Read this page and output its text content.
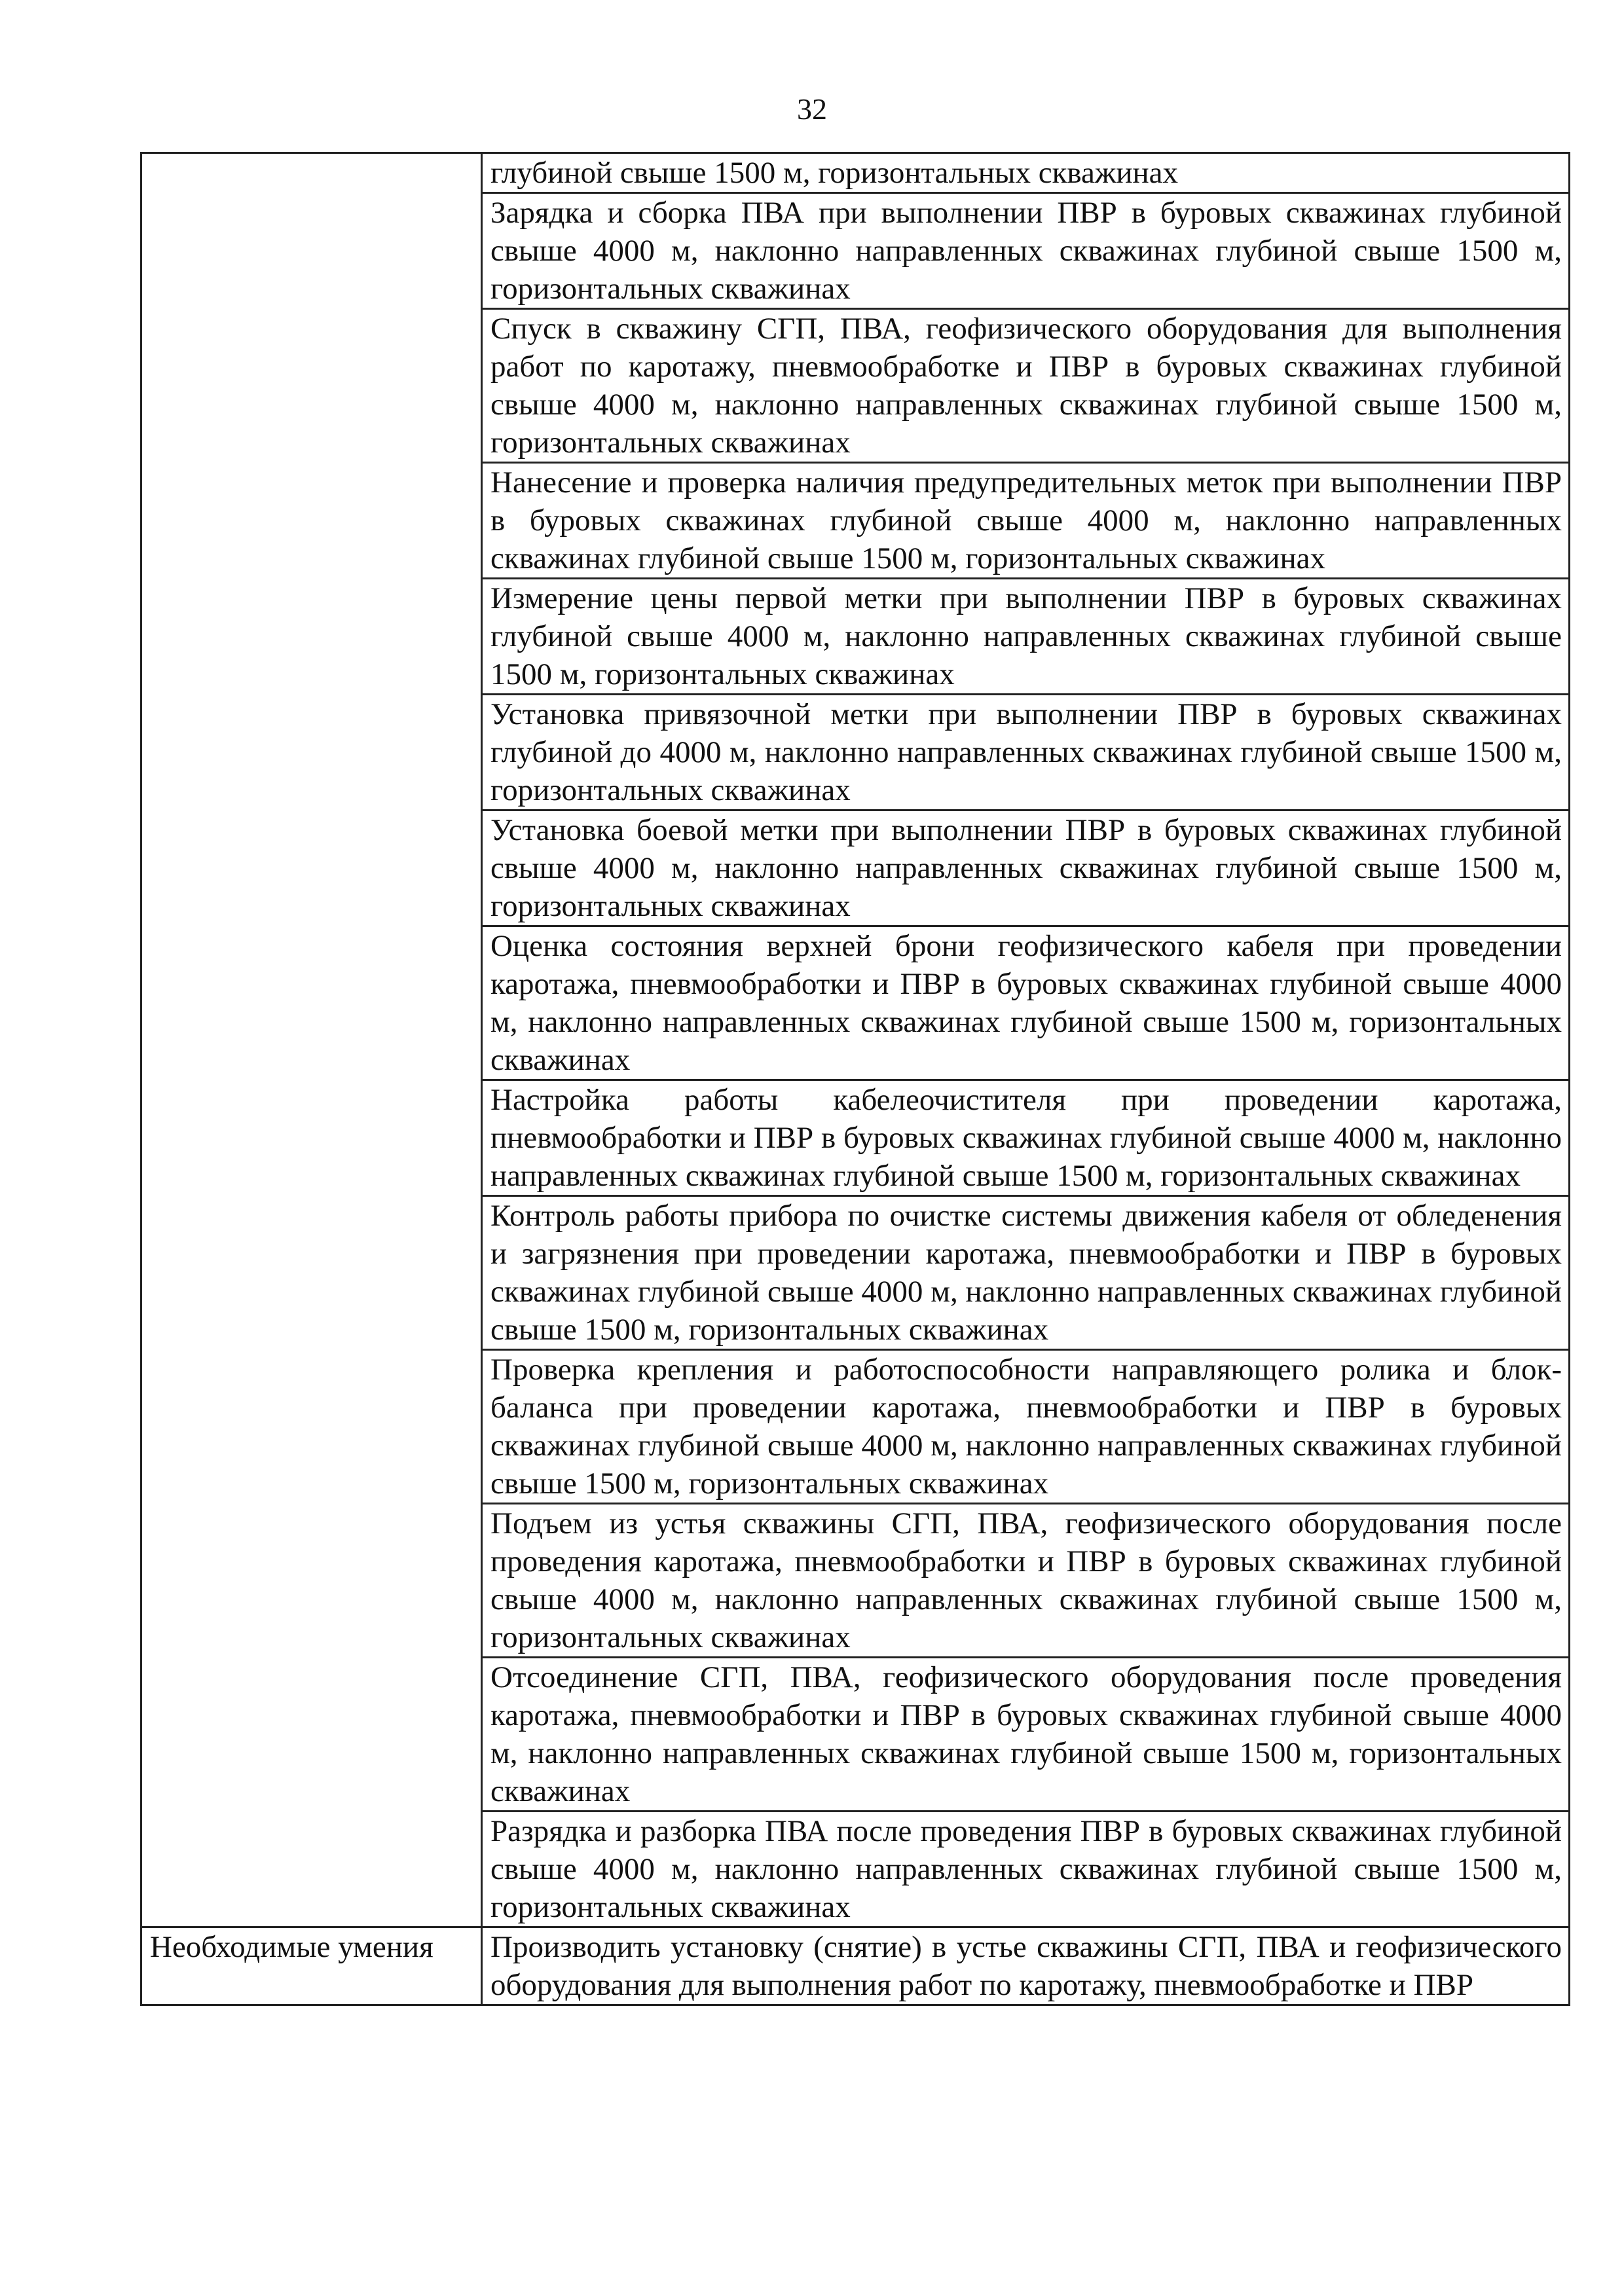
32
	глубиной свыше 1500 м, горизонтальных скважинах
	Зарядка и сборка ПВА при выполнении ПВР в буровых скважинах глубиной свыше 4000 м, наклонно направленных скважинах глубиной свыше 1500 м, горизонтальных скважинах
	Спуск в скважину СГП, ПВА, геофизического оборудования для выполнения работ по каротажу, пневмообработке и ПВР в буровых скважинах глубиной свыше 4000 м, наклонно направленных скважинах глубиной свыше 1500 м, горизонтальных скважинах
	Нанесение и проверка наличия предупредительных меток при выполнении ПВР в буровых скважинах глубиной свыше 4000 м, наклонно направленных скважинах глубиной свыше 1500 м, горизонтальных скважинах
	Измерение цены первой метки при выполнении ПВР в буровых скважинах глубиной свыше 4000 м, наклонно направленных скважинах глубиной свыше 1500 м, горизонтальных скважинах
	Установка привязочной метки при выполнении ПВР в буровых скважинах глубиной до 4000 м, наклонно направленных скважинах глубиной свыше 1500 м, горизонтальных скважинах
	Установка боевой метки при выполнении ПВР в буровых скважинах глубиной свыше 4000 м, наклонно направленных скважинах глубиной свыше 1500 м, горизонтальных скважинах
	Оценка состояния верхней брони геофизического кабеля при проведении каротажа, пневмообработки и ПВР в буровых скважинах глубиной свыше 4000 м, наклонно направленных скважинах глубиной свыше 1500 м, горизонтальных скважинах
	Настройка работы кабелеочистителя при проведении каротажа, пневмообработки и ПВР в буровых скважинах глубиной свыше 4000 м, наклонно направленных скважинах глубиной свыше 1500 м, горизонтальных скважинах
	Контроль работы прибора по очистке системы движения кабеля от обледенения и загрязнения при проведении каротажа, пневмообработки и ПВР в буровых скважинах глубиной свыше 4000 м, наклонно направленных скважинах глубиной свыше 1500 м, горизонтальных скважинах
	Проверка крепления и работоспособности направляющего ролика и блок-баланса при проведении каротажа, пневмообработки и ПВР в буровых скважинах глубиной свыше 4000 м, наклонно направленных скважинах глубиной свыше 1500 м, горизонтальных скважинах
	Подъем из устья скважины СГП, ПВА, геофизического оборудования после проведения каротажа, пневмообработки и ПВР в буровых скважинах глубиной свыше 4000 м, наклонно направленных скважинах глубиной свыше 1500 м, горизонтальных скважинах
	Отсоединение СГП, ПВА, геофизического оборудования после проведения каротажа, пневмообработки и ПВР в буровых скважинах глубиной свыше 4000 м, наклонно направленных скважинах глубиной свыше 1500 м, горизонтальных скважинах
	Разрядка и разборка ПВА после проведения ПВР в буровых скважинах глубиной свыше 4000 м, наклонно направленных скважинах глубиной свыше 1500 м, горизонтальных скважинах
Необходимые умения	Производить установку (снятие) в устье скважины СГП, ПВА и геофизического оборудования для выполнения работ по каротажу, пневмообработке и ПВР
